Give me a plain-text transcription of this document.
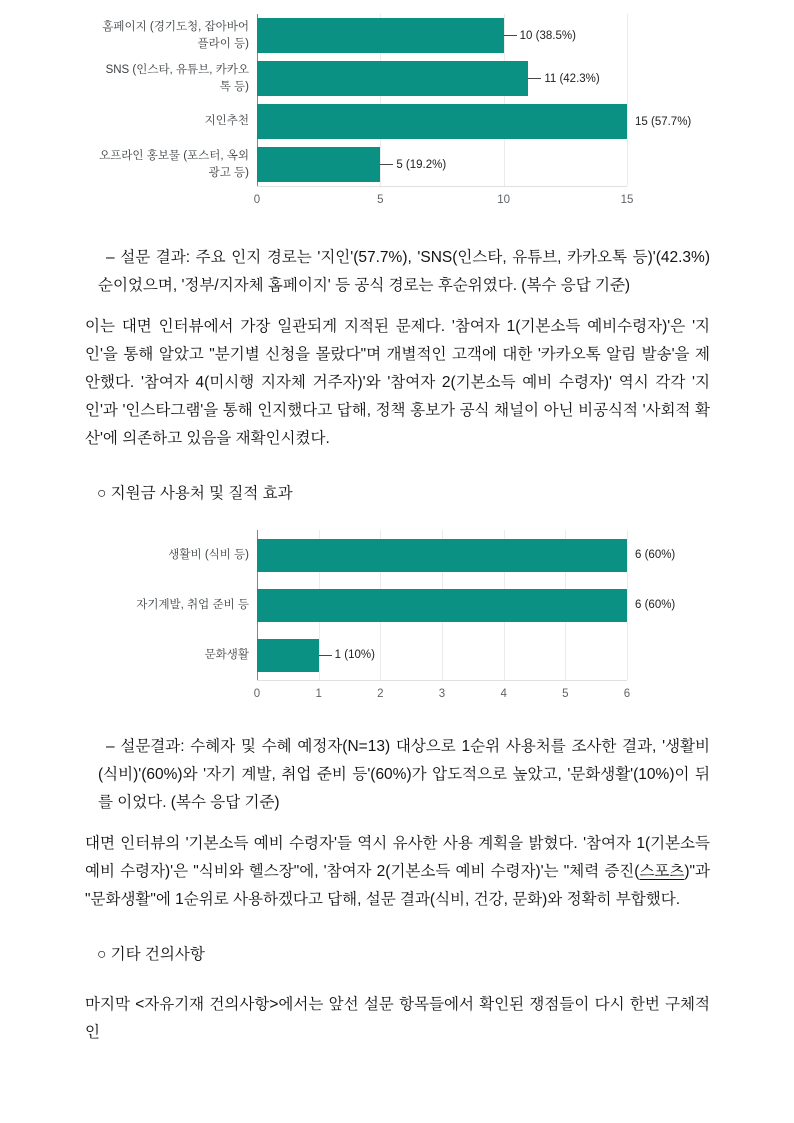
홈페이지 (경기도청, 잡아바어플라이 등)
SNS (인스타, 유튜브, 카카오톡 등)
지인추천
오프라인 홍보물 (포스터, 옥외광고 등)
10 (38.5%)
11 (42.3%)
15 (57.7%)
5 (19.2%)
0	5	10	15

– 설문 결과: 주요 인지 경로는 '지인'(57.7%), 'SNS(인스타, 유튜브, 카카오톡 등)'(42.3%) 순이었으며, '정부/지자체 홈페이지' 등 공식 경로는 후순위였다. (복수 응답 기준)

이는 대면 인터뷰에서 가장 일관되게 지적된 문제다. '참여자 1(기본소득 예비수령자)'은 '지인'을 통해 알았고 "분기별 신청을 몰랐다"며 개별적인 고객에 대한 '카카오톡 알림 발송'을 제안했다. '참여자 4(미시행 지자체 거주자)'와 '참여자 2(기본소득 예비 수령자)' 역시 각각 '지인'과 '인스타그램'을 통해 인지했다고 답해, 정책 홍보가 공식 채널이 아닌 비공식적 '사회적 확산'에 의존하고 있음을 재확인시켰다.

○ 지원금 사용처 및 질적 효과

생활비 (식비 등)
자기계발, 취업 준비 등
문화생활
6 (60%)
6 (60%)
1 (10%)
0	1	2	3	4	5	6

– 설문결과: 수혜자 및 수혜 예정자(N=13) 대상으로 1순위 사용처를 조사한 결과, '생활비(식비)'(60%)와 '자기 계발, 취업 준비 등'(60%)가 압도적으로 높았고, '문화생활'(10%)이 뒤를 이었다. (복수 응답 기준)

대면 인터뷰의 '기본소득 예비 수령자'들 역시 유사한 사용 계획을 밝혔다. '참여자 1(기본소득 예비 수령자)'은 "식비와 헬스장"에, '참여자 2(기본소득 예비 수령자)'는 "체력 증진(스포츠)"과 "문화생활"에 1순위로 사용하겠다고 답해, 설문 결과(식비, 건강, 문화)와 정확히 부합했다.

○ 기타 건의사항

마지막 <자유기재 건의사항>에서는 앞선 설문 항목들에서 확인된 쟁점들이 다시 한번 구체적인
